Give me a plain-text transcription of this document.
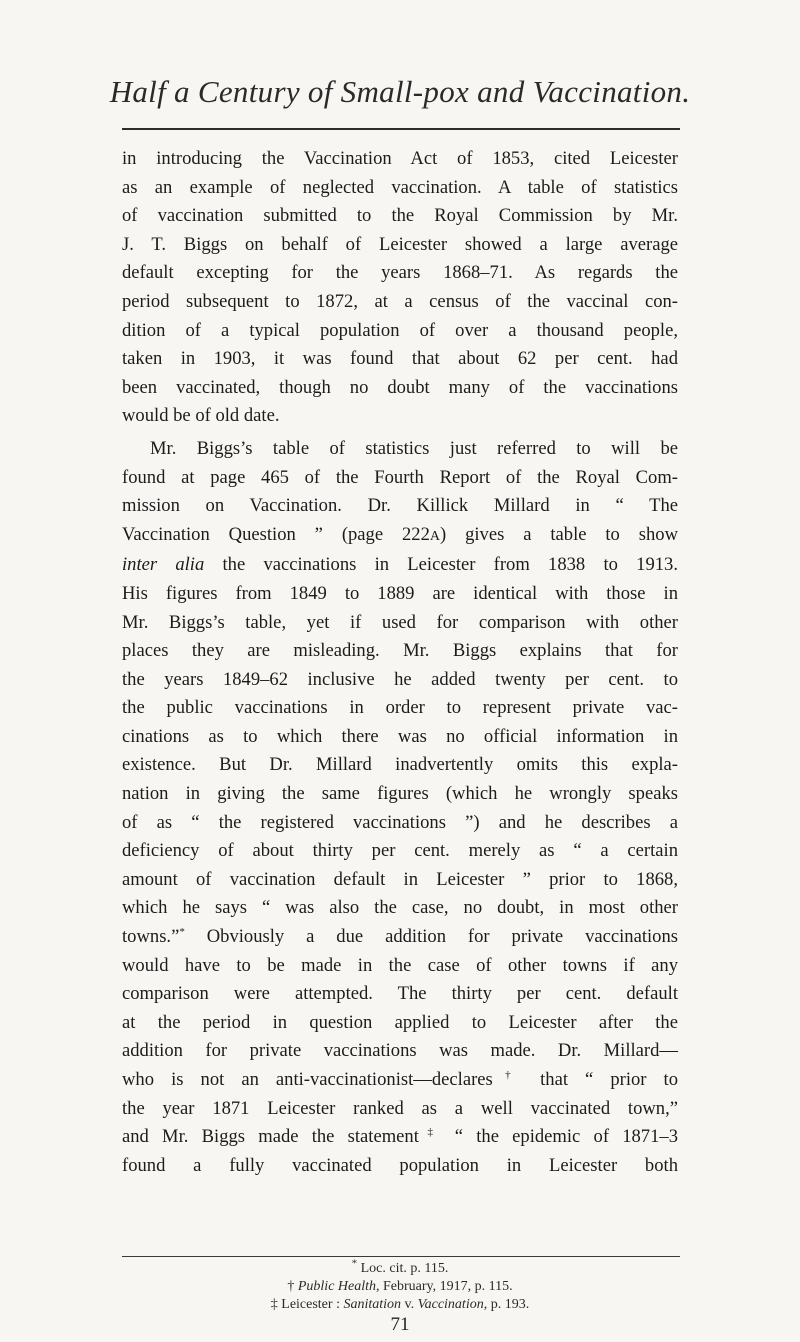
Half a Century of Small-pox and Vaccination.

in introducing the Vaccination Act of 1853, cited Leicester
as an example of neglected vaccination. A table of statistics
of vaccination submitted to the Royal Commission by Mr.
J. T. Biggs on behalf of Leicester showed a large average
default excepting for the years 1868–71. As regards the
period subsequent to 1872, at a census of the vaccinal con-
dition of a typical population of over a thousand people,
taken in 1903, it was found that about 62 per cent. had
been vaccinated, though no doubt many of the vaccinations
would be of old date.

Mr. Biggs’s table of statistics just referred to will be
found at page 465 of the Fourth Report of the Royal Com-
mission on Vaccination. Dr. Killick Millard in “ The
Vaccination Question ” (page 222A) gives a table to show
inter alia the vaccinations in Leicester from 1838 to 1913.
His figures from 1849 to 1889 are identical with those in
Mr. Biggs’s table, yet if used for comparison with other
places they are misleading. Mr. Biggs explains that for
the years 1849–62 inclusive he added twenty per cent. to
the public vaccinations in order to represent private vac-
cinations as to which there was no official information in
existence. But Dr. Millard inadvertently omits this expla-
nation in giving the same figures (which he wrongly speaks
of as “ the registered vaccinations ”) and he describes a
deficiency of about thirty per cent. merely as “ a certain
amount of vaccination default in Leicester ” prior to 1868,
which he says “ was also the case, no doubt, in most other
towns.”* Obviously a due addition for private vaccinations
would have to be made in the case of other towns if any
comparison were attempted. The thirty per cent. default
at the period in question applied to Leicester after the
addition for private vaccinations was made. Dr. Millard—
who is not an anti-vaccinationist—declares† that “ prior to
the year 1871 Leicester ranked as a well vaccinated town,”
and Mr. Biggs made the statement‡ “ the epidemic of 1871–3
found a fully vaccinated population in Leicester both

* Loc. cit. p. 115.
† Public Health, February, 1917, p. 115.
‡ Leicester : Sanitation v. Vaccination, p. 193.
71
